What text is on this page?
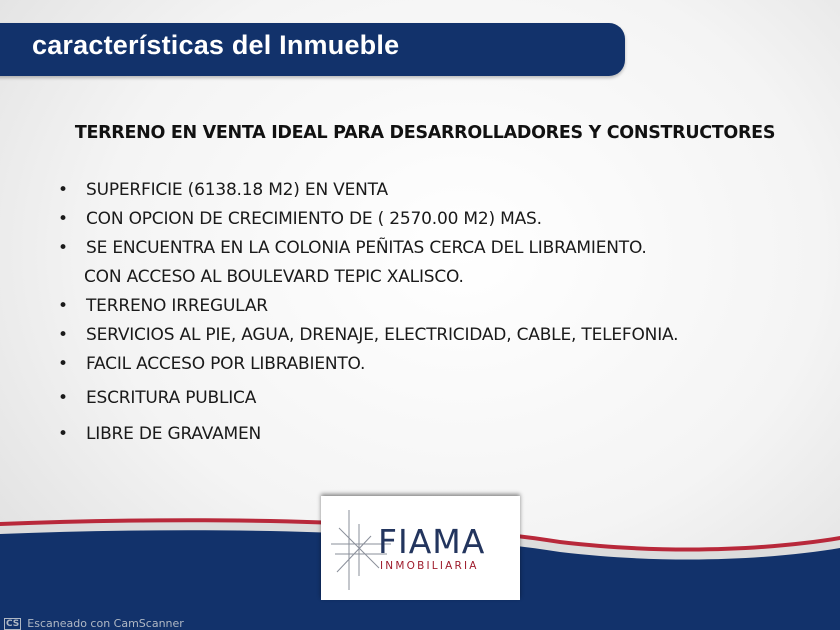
características del Inmueble
TERRENO EN VENTA IDEAL PARA DESARROLLADORES Y CONSTRUCTORES
• SUPERFICIE (6138.18 M2) EN VENTA
• CON OPCION DE CRECIMIENTO DE ( 2570.00 M2) MAS.
• SE ENCUENTRA EN LA COLONIA PEÑITAS CERCA DEL LIBRAMIENTO.
CON ACCESO AL BOULEVARD TEPIC XALISCO.
• TERRENO IRREGULAR
• SERVICIOS AL PIE, AGUA, DRENAJE, ELECTRICIDAD, CABLE, TELEFONIA.
• FACIL ACCESO POR LIBRABIENTO.
• ESCRITURA PUBLICA
• LIBRE DE GRAVAMEN
FIAMA
INMOBILIARIA
CS Escaneado con CamScanner
